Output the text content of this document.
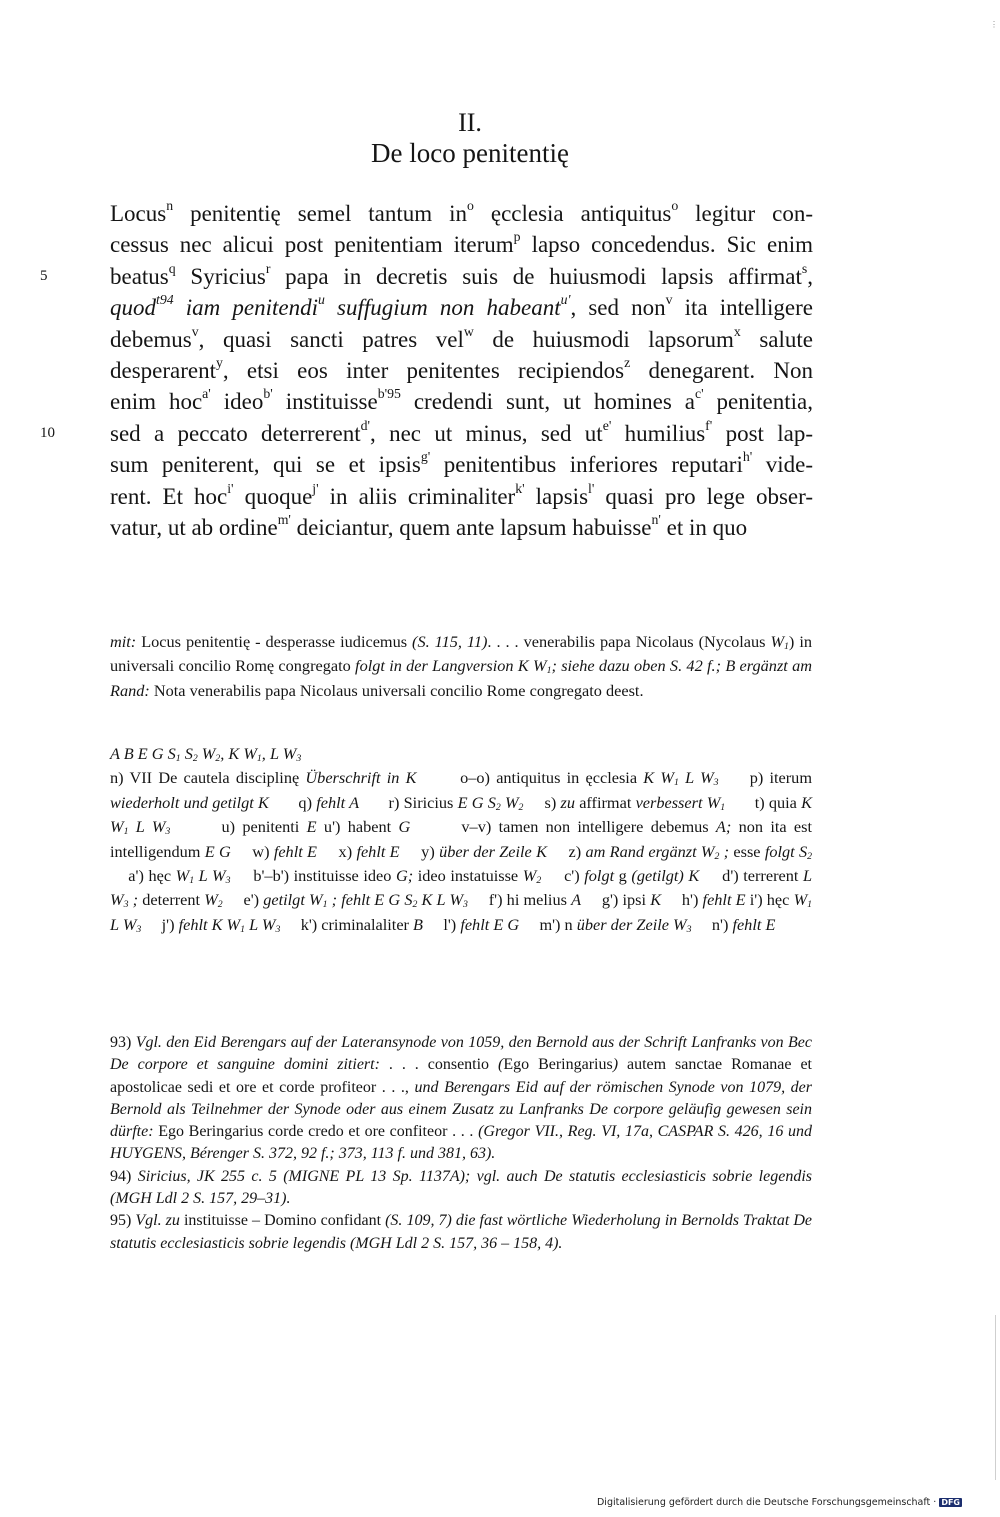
⋮
II.
De loco penitentię
Locus$^n$ penitentię semel tantum $in^o$ ęcclesia antiquitus$^o$ legitur con-
cessus nec alicui post penitentiam iterum$^p$ lapso concedendus. Sic enim
5	beatus$^q$ Syricius$^r$ papa in decretis suis de huiusmodi lapsis affirmat$^s$,
quod$^{t94}$ iam penitendi$^u$ suffugium non habeant$^{u'}$, sed non$^v$ ita intelligere
debemus$^v$, quasi sancti patres vel$^w$ de huiusmodi lapsorum$^x$ salute
desperarent$^y$, etsi eos inter penitentes recipiendos$^z$ denegarent. Non
enim hoc$^{a'}$ ideo$^{b'}$ instituisse$^{b'95}$ credendi sunt, ut homines $a^{c'}$ penitentia,
10	sed a peccato deterrerent$^{d'}$, nec ut minus, sed $ut^{e'}$ humilius$^{f'}$ post lap-
sum peniterent, qui se et ipsis$^{g'}$ penitentibus inferiores reputari$^{h'}$ vide-
rent. Et hoc$^{i'}$ quoque$^{j'}$ in aliis criminaliter$^{k'}$ lapsis$^{l'}$ quasi pro lege obser-
vatur, ut ab ordine$^{m'}$ deiciantur, quem ante lapsum habuisse$^{n'}$ et in quo
mit: Locus penitentię - desperasse iudicemus (S. 115, 11). . . . venerabilis papa Nicolaus (Nycolaus $W_1$) in universali concilio Romę congregato folgt in der Langversion K $W_1$; siehe dazu oben S. 42 f.; B ergänzt am Rand: Nota venerabilis papa Nicolaus universali concilio Rome congregato deest.
A B E G $S_1$ $S_2$ $W_2$, K $W_1$, L $W_3$
n) VII De cautela disciplinę Überschrift in K       o–o) antiquitus in ęcclesia K $W_1$ L $W_3$     p) iterum wiederholt und getilgt K       q) fehlt A       r) Siricius E G $S_2$ $W_2$     s) zu affirmat verbessert $W_1$       t) quia K $W_1$ L $W_3$       u) penitenti E u') habent G       v–v) tamen non intelligere debemus A; non ita est intelligendum E G     w) fehlt E     x) fehlt E     y) über der Zeile K     z) am Rand ergänzt $W_2$ ; esse folgt $S_2$     a') hęc $W_1$ L $W_3$     b'–b') instituisse ideo G; ideo instatuisse $W_2$     c') folgt g (getilgt) K     d') terrerent L $W_3$ ; deterrent $W_2$     e') getilgt $W_1$ ; fehlt E G $S_2$ K L $W_3$     f') hi melius A     g') ipsi K     h') fehlt E i') hęc $W_1$ L $W_3$     j') fehlt K $W_1$ L $W_3$     k') criminalaliter B     l') fehlt E G     m') n über der Zeile $W_3$     n') fehlt E

93) Vgl. den Eid Berengars auf der Lateransynode von 1059, den Bernold aus der Schrift Lanfranks von Bec De corpore et sanguine domini zitiert: . . . consentio (Ego Beringarius) autem sanctae Romanae et apostolicae sedi et ore et corde profiteor . . ., und Berengars Eid auf der römischen Synode von 1079, der Bernold als Teilnehmer der Synode oder aus einem Zusatz zu Lanfranks De corpore geläufig gewesen sein dürfte: Ego Beringarius corde credo et ore confiteor . . . (Gregor VII., Reg. VI, 17a, CASPAR S. 426, 16 und HUYGENS, Bérenger S. 372, 92 f.; 373, 113 f. und 381, 63).

94) Siricius, JK 255 c. 5 (MIGNE PL 13 Sp. 1137A); vgl. auch De statutis ecclesiasticis sobrie legendis (MGH Ldl 2 S. 157, 29–31).

95) Vgl. zu instituisse – Domino confidant (S. 109, 7) die fast wörtliche Wiederholung in Bernolds Traktat De statutis ecclesiasticis sobrie legendis (MGH Ldl 2 S. 157, 36 – 158, 4).

Digitalisierung gefördert durch die Deutsche Forschungsgemeinschaft · DFG
